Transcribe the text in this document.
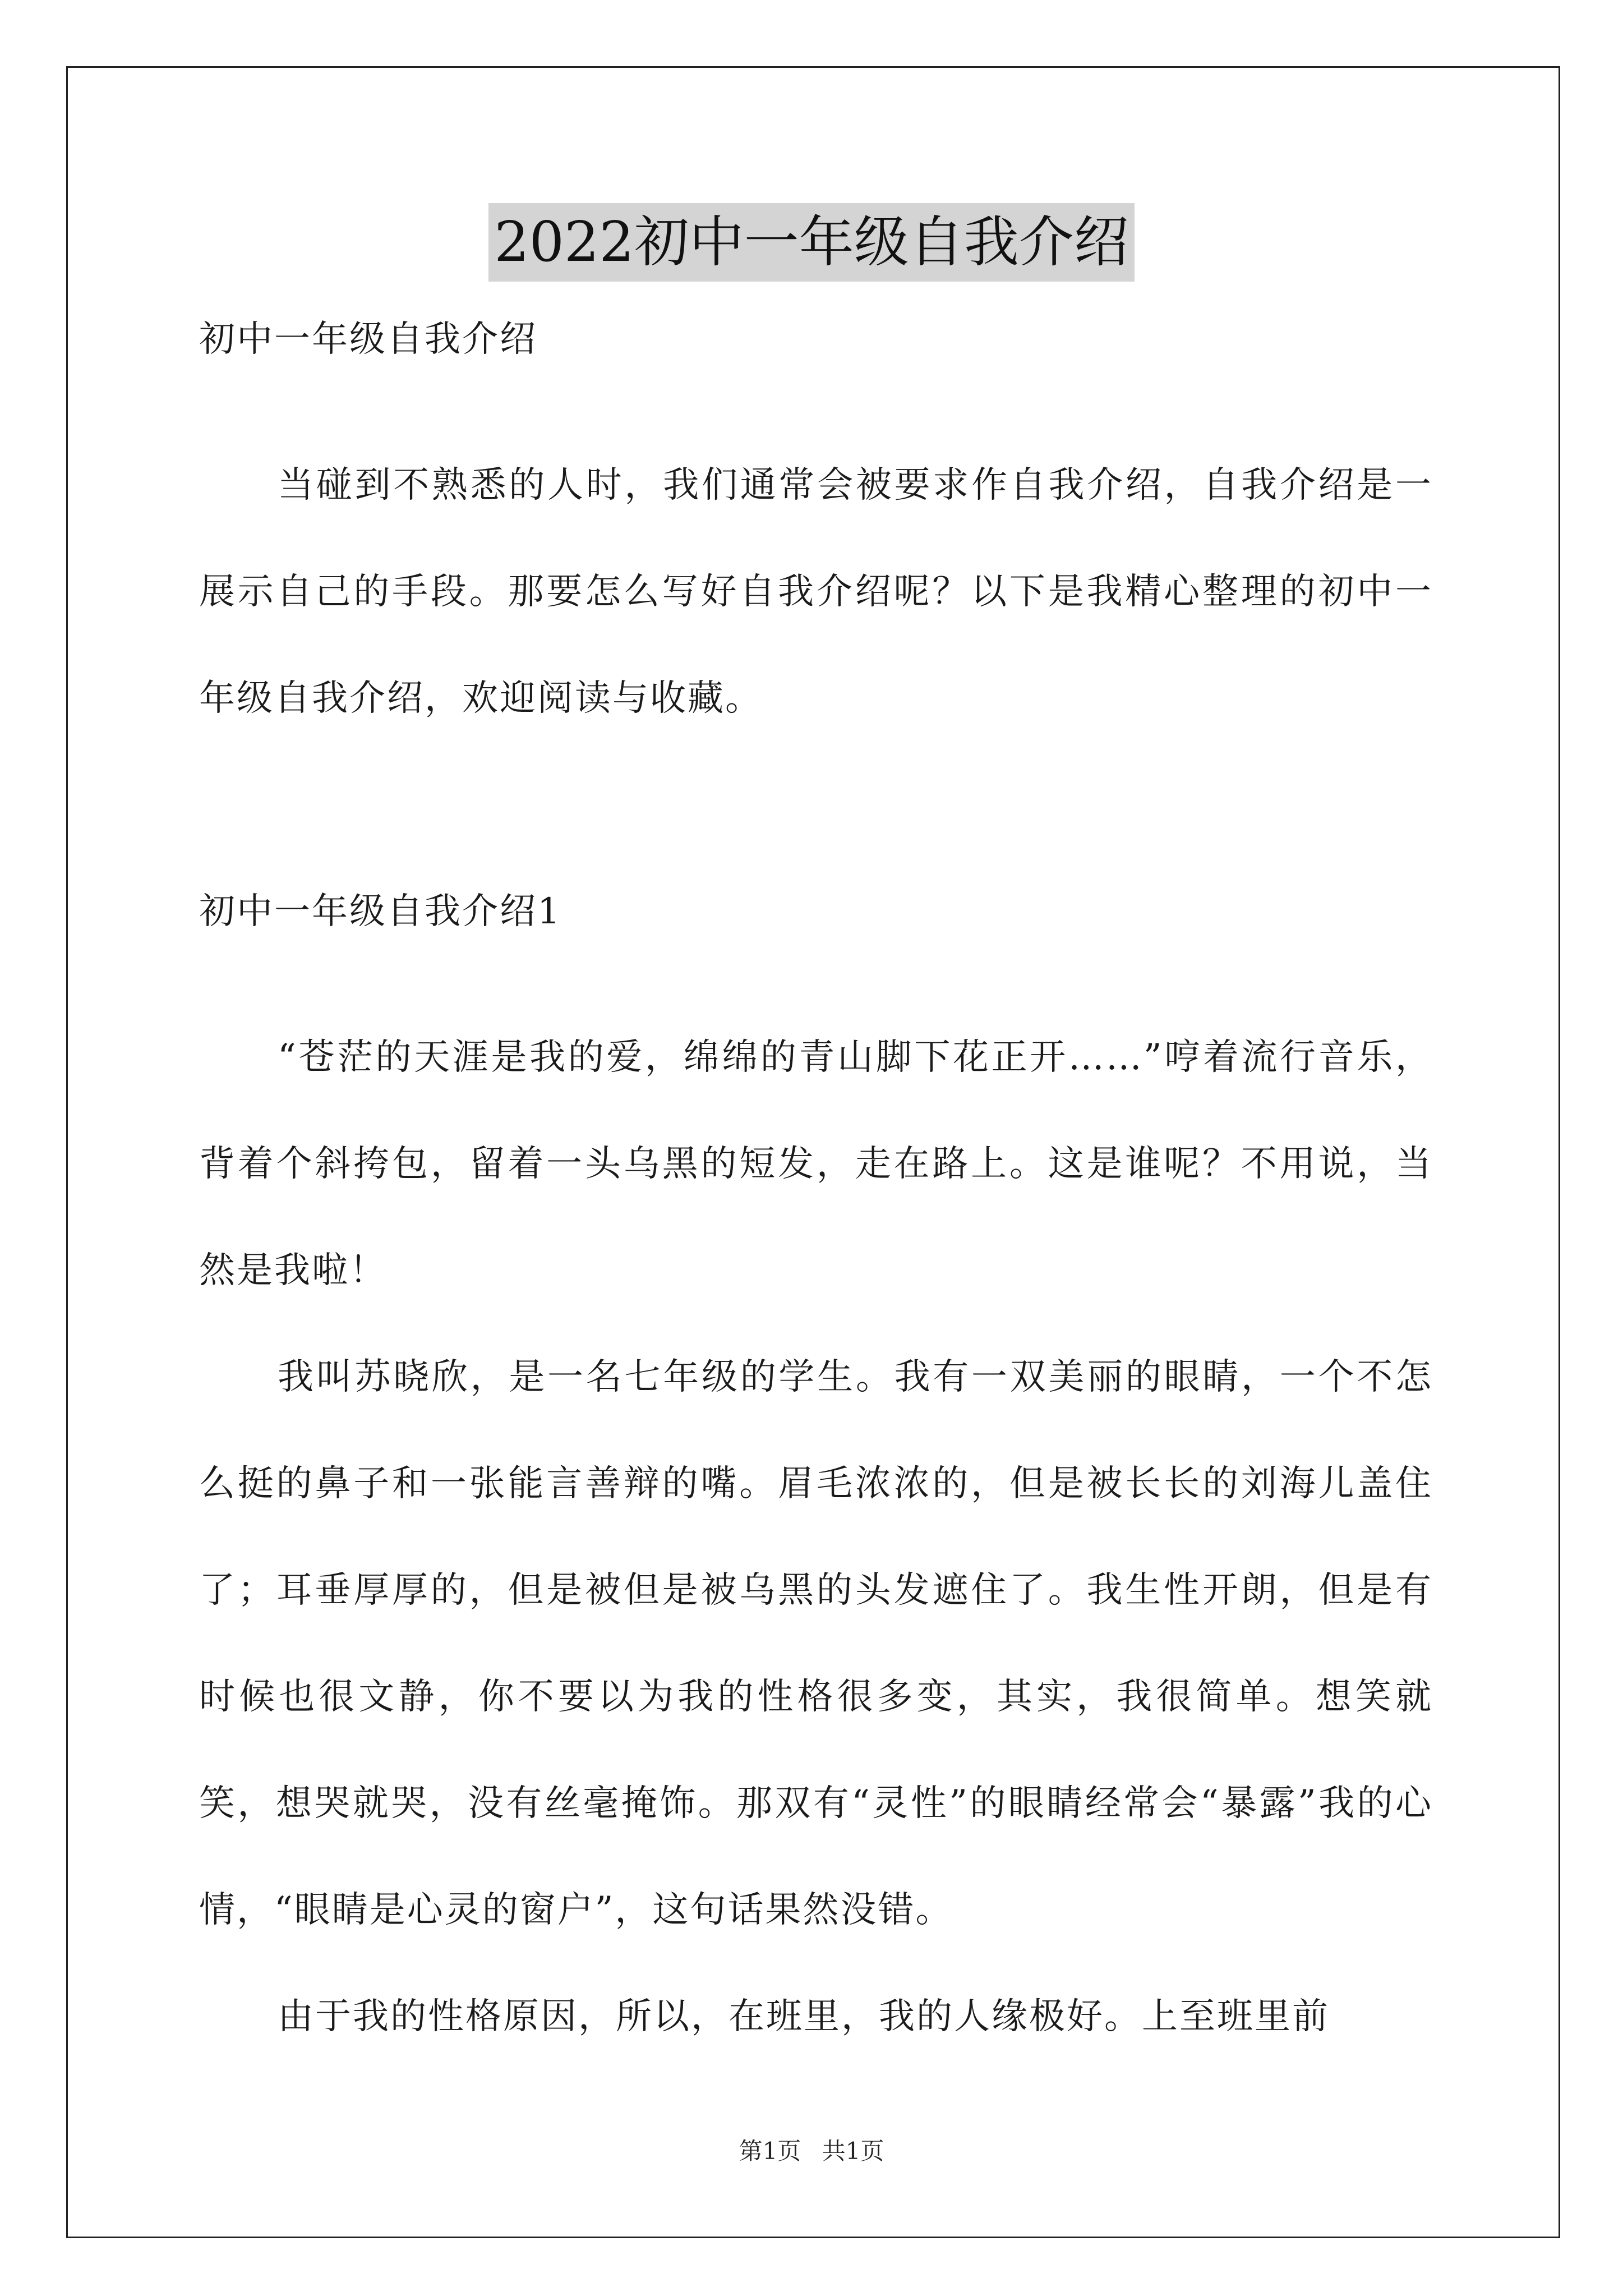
2022初中一年级自我介绍
初中一年级自我介绍

当碰到不熟悉的人时，我们通常会被要求作自我介绍，自我介绍是一展示自己的手段。那要怎么写好自我介绍呢？以下是我精心整理的初中一年级自我介绍，欢迎阅读与收藏。

初中一年级自我介绍1

“苍茫的天涯是我的爱，绵绵的青山脚下花正开……”哼着流行音乐，背着个斜挎包，留着一头乌黑的短发，走在路上。这是谁呢？不用说，当然是我啦！

我叫苏晓欣，是一名七年级的学生。我有一双美丽的眼睛，一个不怎么挺的鼻子和一张能言善辩的嘴。眉毛浓浓的，但是被长长的刘海儿盖住了；耳垂厚厚的，但是被但是被乌黑的头发遮住了。我生性开朗，但是有时候也很文静，你不要以为我的性格很多变，其实，我很简单。想笑就笑，想哭就哭，没有丝毫掩饰。那双有“灵性”的眼睛经常会“暴露”我的心情，“眼睛是心灵的窗户”，这句话果然没错。

由于我的性格原因，所以，在班里，我的人缘极好。上至班里前

第1页 共1页
